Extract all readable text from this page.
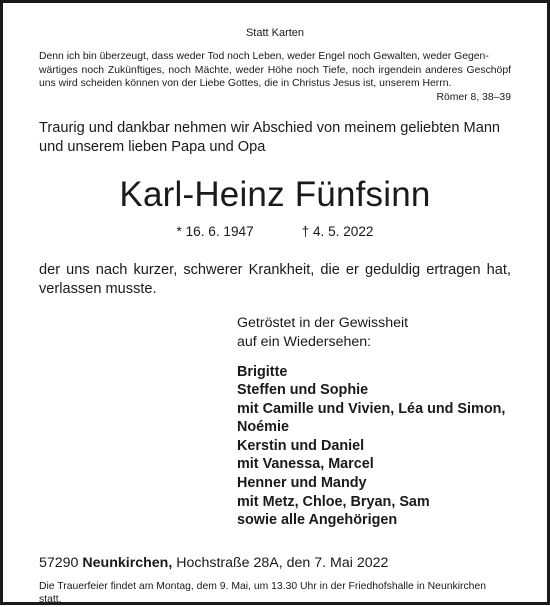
Statt Karten
Denn ich bin überzeugt, dass weder Tod noch Leben, weder Engel noch Gewalten, weder Gegen-
wärtiges noch Zukünftiges, noch Mächte, weder Höhe noch Tiefe, noch irgendein anderes Geschöpf uns wird scheiden können von der Liebe Gottes, die in Christus Jesus ist, unserem Herrn.
Römer 8, 38–39
Traurig und dankbar nehmen wir Abschied von meinem geliebten Mann und unserem lieben Papa und Opa
Karl-Heinz Fünfsinn
* 16. 6. 1947	† 4. 5. 2022
der uns nach kurzer, schwerer Krankheit, die er geduldig ertragen hat, verlassen musste.
Getröstet in der Gewissheit
auf ein Wiedersehen:
Brigitte
Steffen und Sophie
mit Camille und Vivien, Léa und Simon,
Noémie
Kerstin und Daniel
mit Vanessa, Marcel
Henner und Mandy
mit Metz, Chloe, Bryan, Sam
sowie alle Angehörigen
57290 Neunkirchen, Hochstraße 28A, den 7. Mai 2022
Die Trauerfeier findet am Montag, dem 9. Mai, um 13.30 Uhr in der Friedhofshalle in Neunkirchen statt.
